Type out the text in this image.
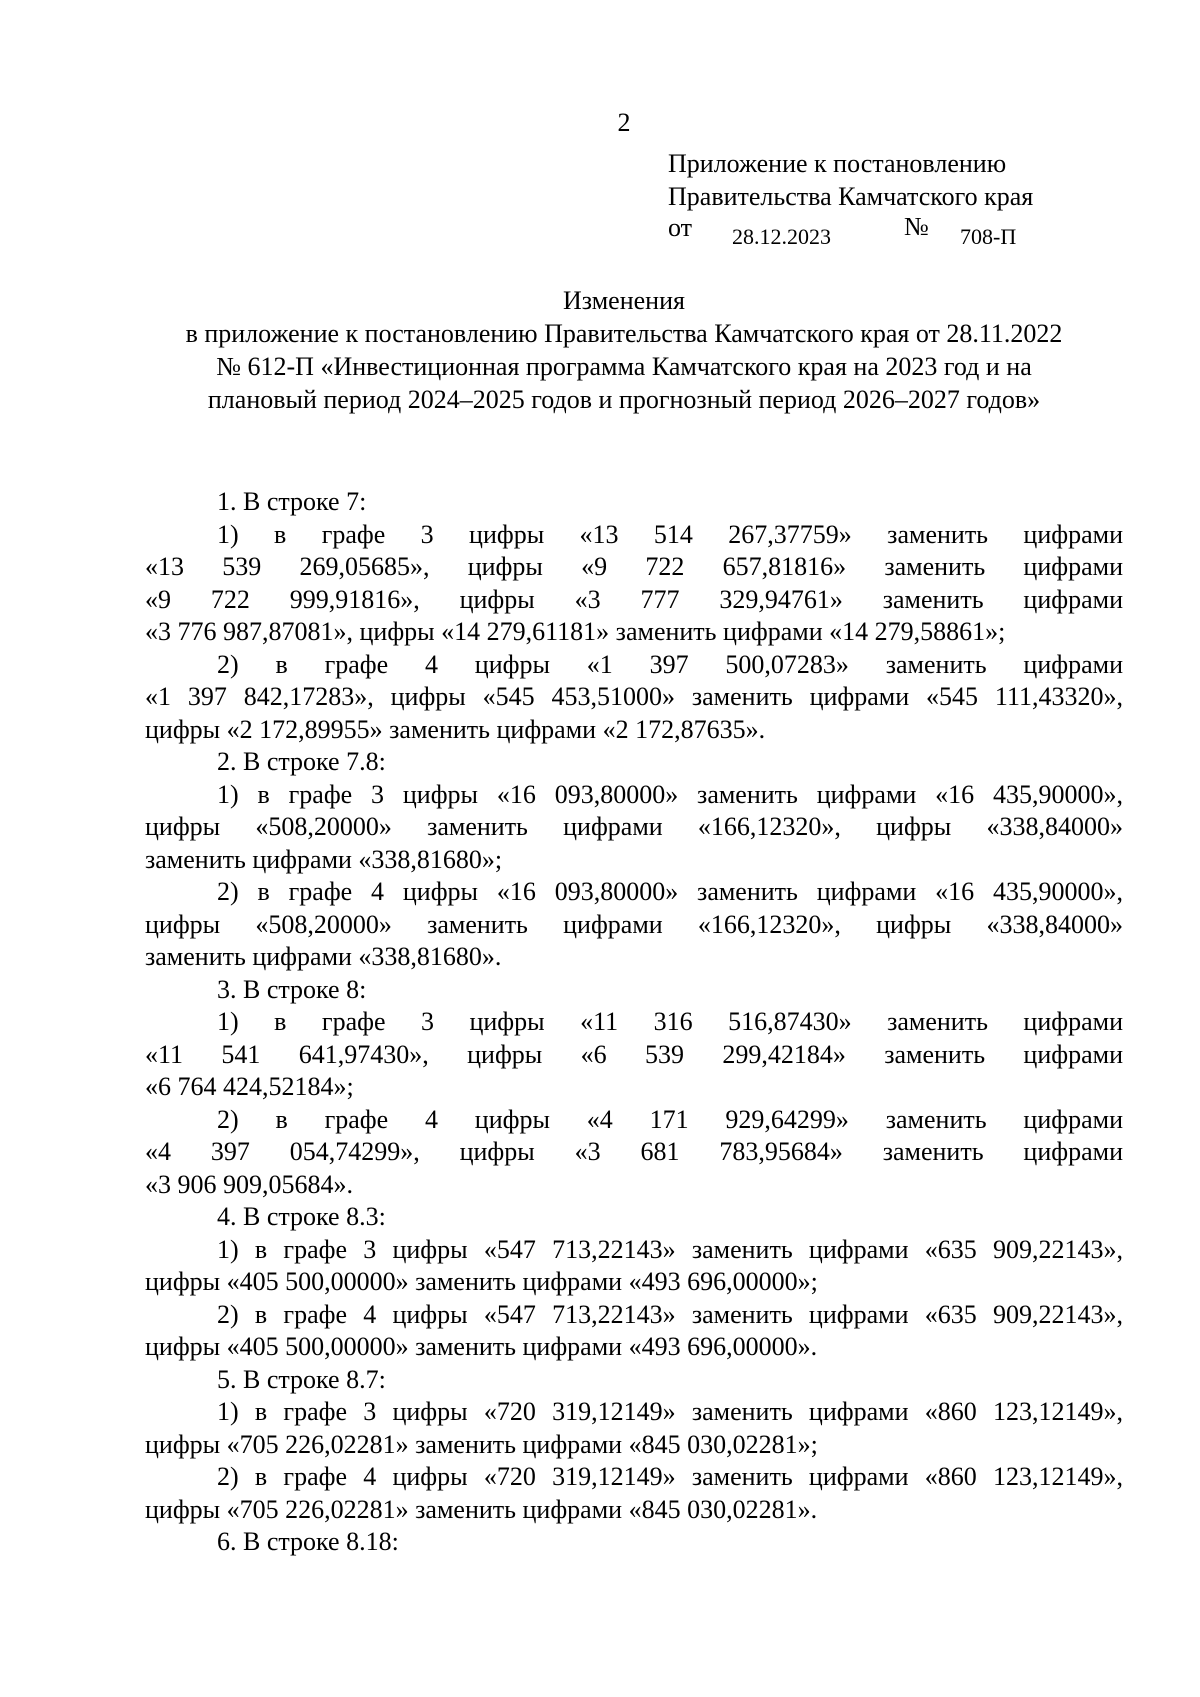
2
Приложение к постановлению
Правительства Камчатского края
от 28.12.2023	№ 708-П
Изменения
в приложение к постановлению Правительства Камчатского края от 28.11.2022
№ 612-П «Инвестиционная программа Камчатского края на 2023 год и на
плановый период 2024–2025 годов и прогнозный период 2026–2027 годов»

1. В строке 7:

1) в графе 3 цифры «13 514 267,37759» заменить цифрами

«13 539 269,05685», цифры «9 722 657,81816» заменить цифрами

«9 722 999,91816», цифры «3 777 329,94761» заменить цифрами

«3 776 987,87081», цифры «14 279,61181» заменить цифрами «14 279,58861»;

2) в графе 4 цифры «1 397 500,07283» заменить цифрами

«1 397 842,17283», цифры «545 453,51000» заменить цифрами «545 111,43320»,

цифры «2 172,89955» заменить цифрами «2 172,87635».

2. В строке 7.8:

1) в графе 3 цифры «16 093,80000» заменить цифрами «16 435,90000»,

цифры «508,20000» заменить цифрами «166,12320», цифры «338,84000»

заменить цифрами «338,81680»;

2) в графе 4 цифры «16 093,80000» заменить цифрами «16 435,90000»,

цифры «508,20000» заменить цифрами «166,12320», цифры «338,84000»

заменить цифрами «338,81680».

3. В строке 8:

1) в графе 3 цифры «11 316 516,87430» заменить цифрами

«11 541 641,97430», цифры «6 539 299,42184» заменить цифрами

«6 764 424,52184»;

2) в графе 4 цифры «4 171 929,64299» заменить цифрами

«4 397 054,74299», цифры «3 681 783,95684» заменить цифрами

«3 906 909,05684».

4. В строке 8.3:

1) в графе 3 цифры «547 713,22143» заменить цифрами «635 909,22143»,

цифры «405 500,00000» заменить цифрами «493 696,00000»;

2) в графе 4 цифры «547 713,22143» заменить цифрами «635 909,22143»,

цифры «405 500,00000» заменить цифрами «493 696,00000».

5. В строке 8.7:

1) в графе 3 цифры «720 319,12149» заменить цифрами «860 123,12149»,

цифры «705 226,02281» заменить цифрами «845 030,02281»;

2) в графе 4 цифры «720 319,12149» заменить цифрами «860 123,12149»,

цифры «705 226,02281» заменить цифрами «845 030,02281».

6. В строке 8.18:
